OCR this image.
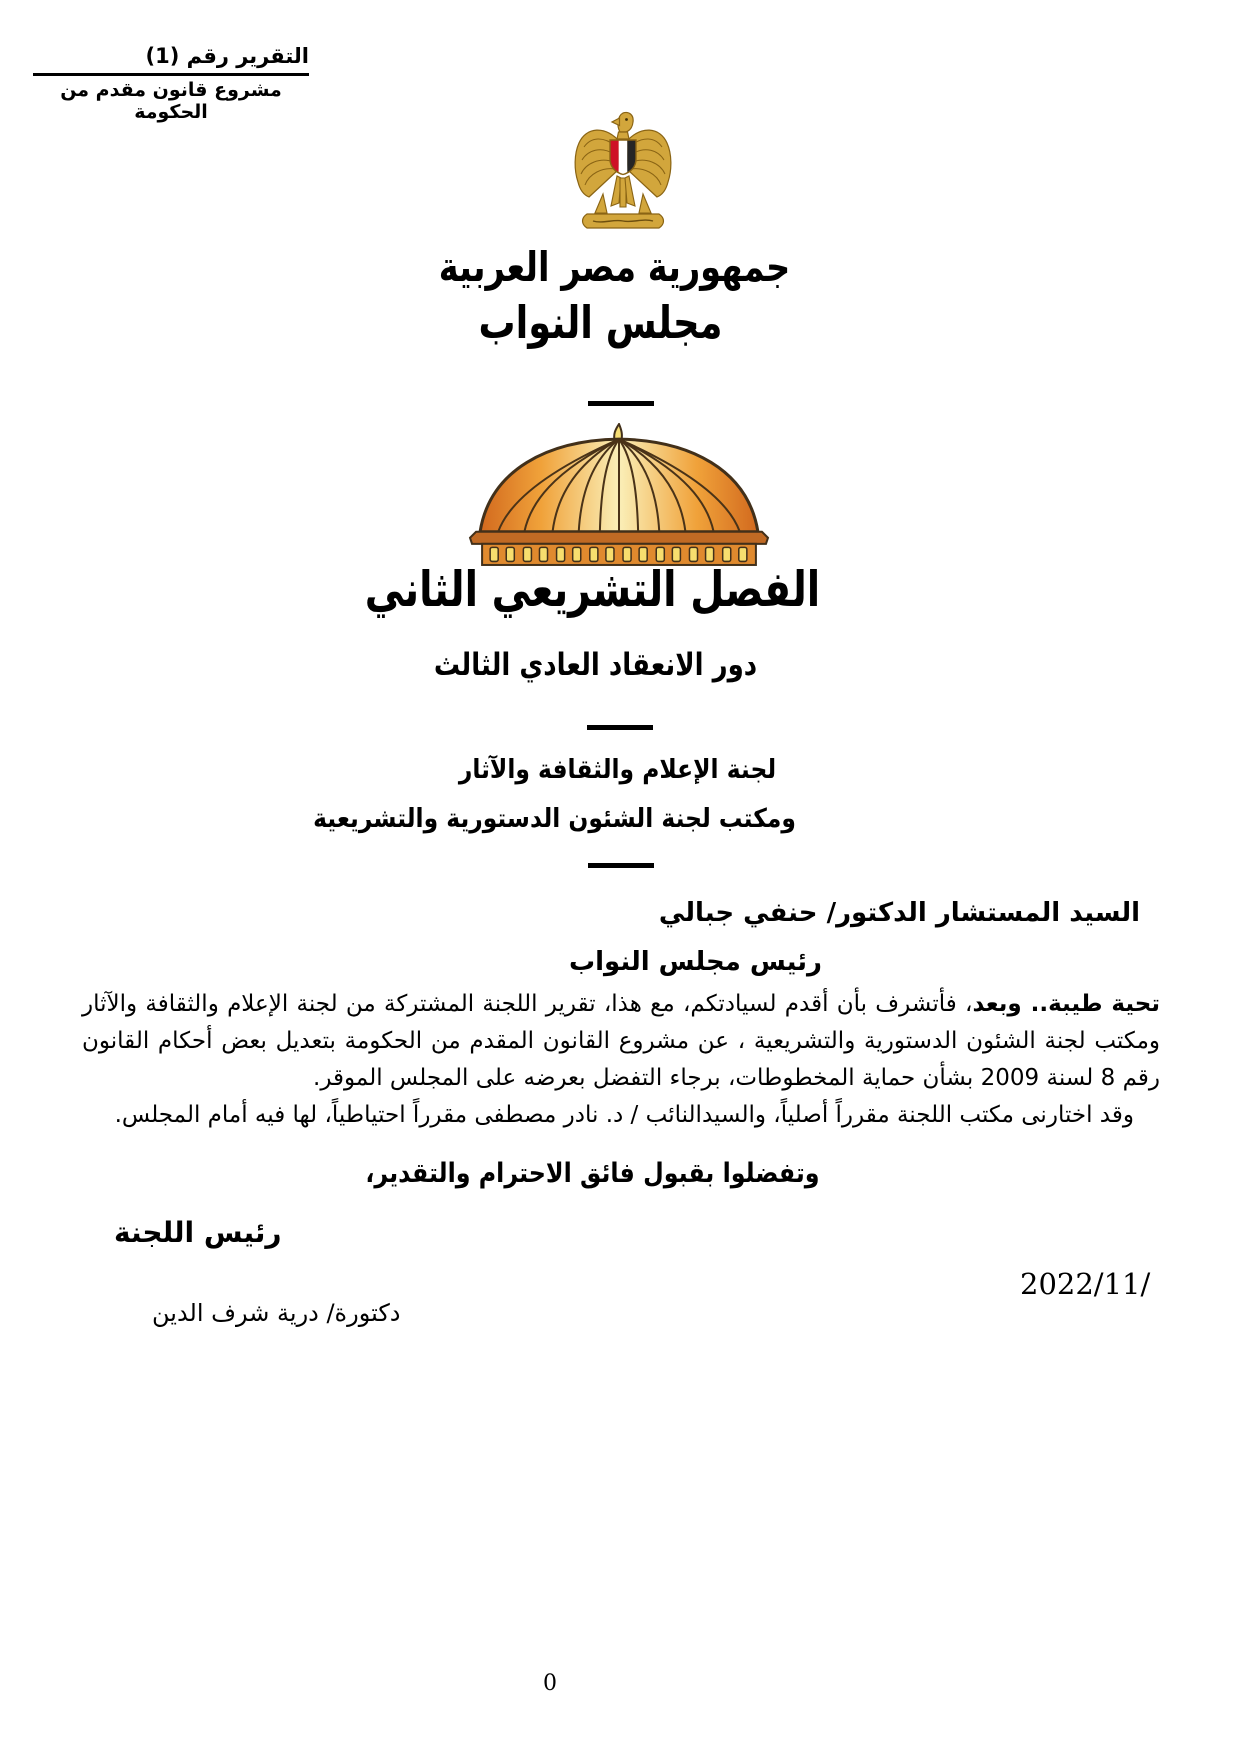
التقرير رقم (1)
مشروع قانون مقدم من الحكومة
جمهورية مصر العربية
مجلس النواب
الفصل التشريعي الثاني
دور الانعقاد العادي الثالث
لجنة الإعلام والثقافة والآثار
ومكتب لجنة الشئون الدستورية والتشريعية
السيد المستشار الدكتور/ حنفي جبالي
رئيس مجلس النواب

تحية طيبة.. وبعد، فأتشرف بأن أقدم لسيادتكم، مع هذا، تقرير اللجنة المشتركة من لجنة الإعلام والثقافة والآثار ومكتب لجنة الشئون الدستورية والتشريعية ، عن مشروع القانون المقدم من الحكومة بتعديل بعض أحكام القانون رقم 8 لسنة 2009 بشأن حماية المخطوطات، برجاء التفضل بعرضه على المجلس الموقر.

وقد اختارنى مكتب اللجنة مقرراً أصلياً، والسيدالنائب / د. نادر مصطفى مقرراً احتياطياً، لها فيه أمام المجلس.

وتفضلوا بقبول فائق الاحترام والتقدير،
رئيس اللجنة
2022/11/
دكتورة/ درية شرف الدين
0
